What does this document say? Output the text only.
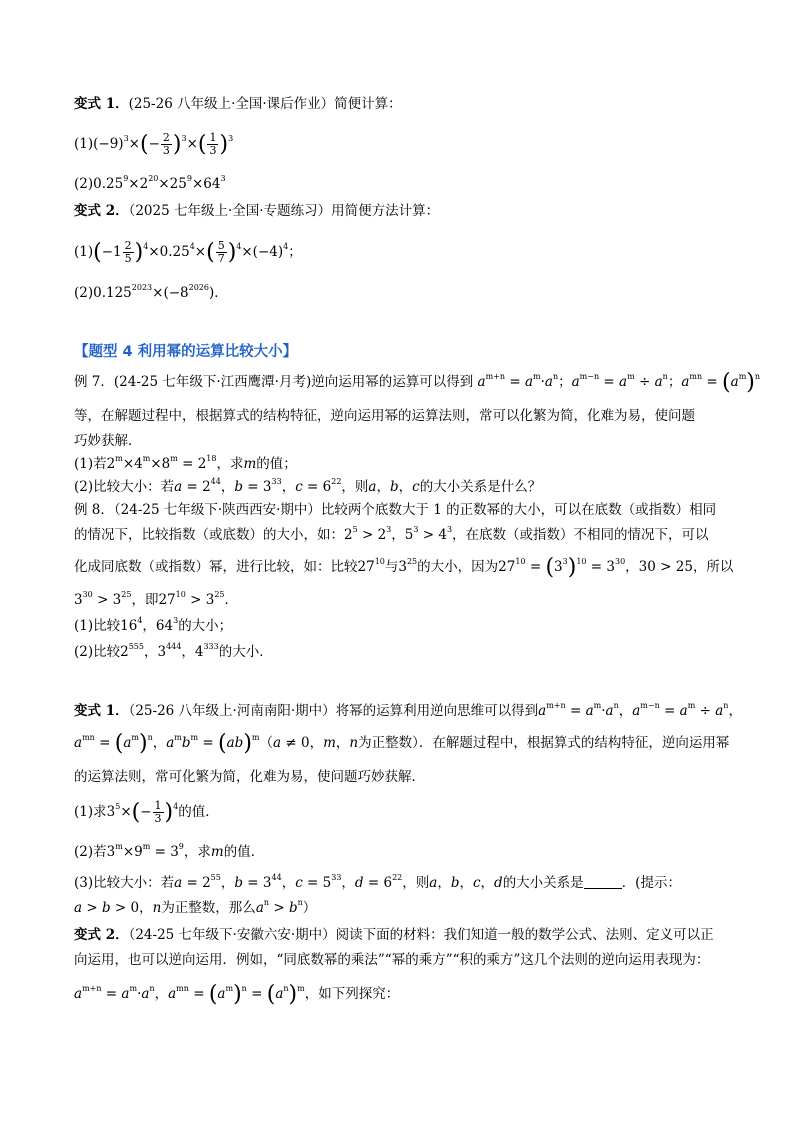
变式 1．(25-26 八年级上·全国·课后作业）简便计算：
$(1)(-9)^3\times(- \frac{2}{3} )^3\times( \frac{1}{3} )^3$
$(2)0.25^9\times 2^{20}\times 25^9\times 64^3$
变式 2．（2025 七年级上·全国·专题练习）用简便方法计算：
$(1)(-1 \frac{2}{5} )^4\times 0.25^4\times( \frac{5}{7} )^4\times(-4)^4$；
$(2)0.125^{2023}\times(-8^{2026})$．
【题型 4 利用幂的运算比较大小】
例 7．(24-25 七年级下·江西鹰潭·月考)逆向运用幂的运算可以得到 $a^{m+n} = a^m\cdot a^n$；$a^{m-n} = a^m \div a^n$；$a^{mn} = (a^m)^n$
等，在解题过程中，根据算式的结构特征，逆向运用幂的运算法则，常可以化繁为简，化难为易，使问题
巧妙获解．
(1)若$2^m\times 4^m\times 8^m = 2^{18}$，求m的值；
(2)比较大小：若$a = 2^{44}$，$b = 3^{33}$，$c = 6^{22}$，则a，b，c的大小关系是什么？
例 8．（24-25 七年级下·陕西西安·期中）比较两个底数大于 1 的正数幂的大小，可以在底数（或指数）相同
的情况下，比较指数（或底数）的大小，如：$2^5 > 2^3$，$5^3 > 4^3$，在底数（或指数）不相同的情况下，可以
化成同底数（或指数）幂，进行比较，如：比较$27^{10}$与$3^{25}$的大小，因为$27^{10} = (3^3)^{10} = 3^{30}$，30 > 25，所以
$3^{30} > 3^{25}$，即$27^{10} > 3^{25}$．
(1)比较$16^4$，$64^3$的大小；
(2)比较$2^{555}$，$3^{444}$，$4^{333}$的大小．
变式 1．（25-26 八年级上·河南南阳·期中）将幂的运算利用逆向思维可以得到$a^{m+n} = a^m\cdot a^n$，$a^{m-n} = a^m \div a^n$，
$a^{mn} = (a^m)^n$，$a^mb^m = (ab)^m(a \ne 0$，m，n为正整数）．在解题过程中，根据算式的结构特征，逆向运用幂
的运算法则，常可化繁为简，化难为易，使问题巧妙获解．
(1)求$3^5\times(- \frac{1}{3} )^4$的值．
(2)若$3^m\times 9^m = 3^9$，求m的值．
(3)比较大小：若$a = 2^{55}$，$b = 3^{44}$，$c = 5^{33}$，$d = 6^{22}$，则a，b，c，d的大小关系是	．(提示：
a > b > 0，n为正整数，那么$a^n > b^n$）
变式 2．（24-25 七年级下·安徽六安·期中）阅读下面的材料：我们知道一般的数学公式、法则、定义可以正
向运用，也可以逆向运用．例如，“同底数幂的乘法”“幂的乘方”“积的乘方”这几个法则的逆向运用表现为：
$a^{m+n} = a^m\cdot a^n$，$a^{mn} = (a^m)^n = (a^n)^m$，如下列探究：
